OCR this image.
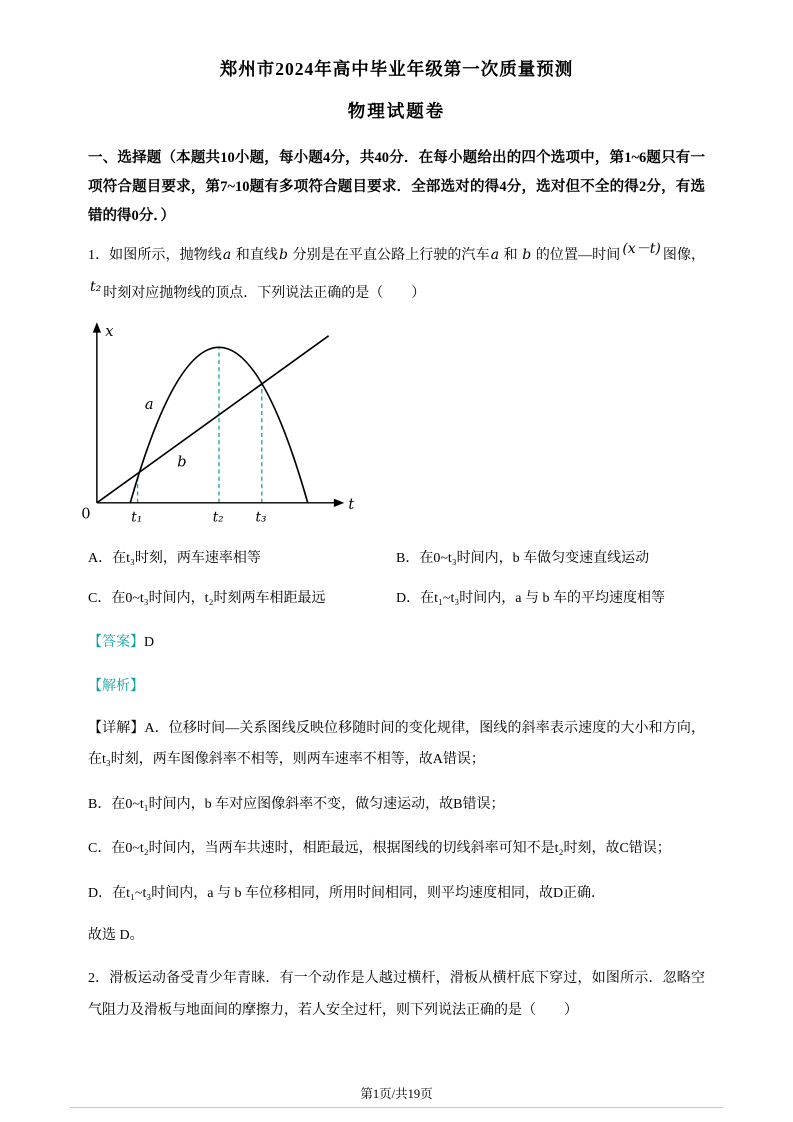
郑州市2024年高中毕业年级第一次质量预测
物理试题卷

一、选择题（本题共10小题，每小题4分，共40分．在每小题给出的四个选项中，第1~6题只有一项符合题目要求，第7~10题有多项符合题目要求．全部选对的得4分，选对但不全的得2分，有选错的得0分．）

1．如图所示，抛物线a 和直线b 分别是在平直公路上行驶的汽车a 和 b 的位置—时间 (x－t) 图像，t₂ 时刻对应抛物线的顶点．下列说法正确的是（　　）

x
t
0
a
b
t₁	t₂ t₃
A．在t₃时刻，两车速率相等	B．在0~t₃时间内，b 车做匀变速直线运动
C．在0~t₃时间内，t₂时刻两车相距最远	D．在t₁~t₃时间内，a 与 b 车的平均速度相等

【答案】D

【解析】

【详解】A．位移时间—关系图线反映位移随时间的变化规律，图线的斜率表示速度的大小和方向，在t₃时刻，两车图像斜率不相等，则两车速率不相等，故A错误；

B．在0~t₁时间内，b 车对应图像斜率不变，做匀速运动，故B错误；

C．在0~t₂时间内，当两车共速时，相距最远，根据图线的切线斜率可知不是t₂时刻，故C错误；

D．在t₁~t₃时间内，a 与 b 车位移相同，所用时间相同，则平均速度相同，故D正确．

故选 D。

2．滑板运动备受青少年青睐．有一个动作是人越过横杆，滑板从横杆底下穿过，如图所示．忽略空气阻力及滑板与地面间的摩擦力，若人安全过杆，则下列说法正确的是（　　）

第1页/共19页
